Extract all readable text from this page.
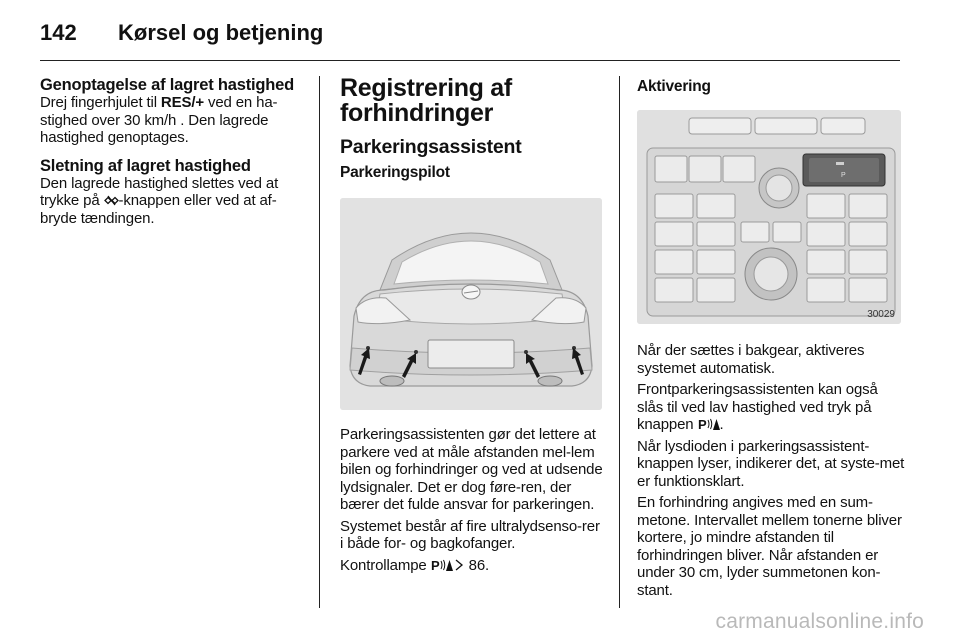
142 Kørsel og betjening
Genoptagelse af lagret hastighed

Drej fingerhjulet til RES/+ ved en ha-stighed over 30 km/h . Den lagrede hastighed genoptages.

Sletning af lagret hastighed

Den lagrede hastighed slettes ved at trykke på
-knappen eller ved at af-bryde tændingen.

Registrering af forhindringer
Parkeringsassistent
Parkeringspilot

Parkeringsassistenten gør det lettere at parkere ved at måle afstanden mel-lem bilen og forhindringer og ved at udsende lydsignaler. Det er dog føre-ren, der bærer det fulde ansvar for parkeringen.

Systemet består af fire ultralydsenso-rer i både for- og bagkofanger.

Kontrollampe P 86.

Aktivering
P
30029

Når der sættes i bakgear, aktiveres systemet automatisk.

Frontparkeringsassistenten kan også slås til ved lav hastighed ved tryk på knappen P .

Når lysdioden i parkeringsassistent-knappen lyser, indikerer det, at syste-met er funktionsklart.

En forhindring angives med en sum-metone. Intervallet mellem tonerne bliver kortere, jo mindre afstanden til forhindringen bliver. Når afstanden er under 30 cm, lyder summetonen kon-stant.

carmanualsonline.info
